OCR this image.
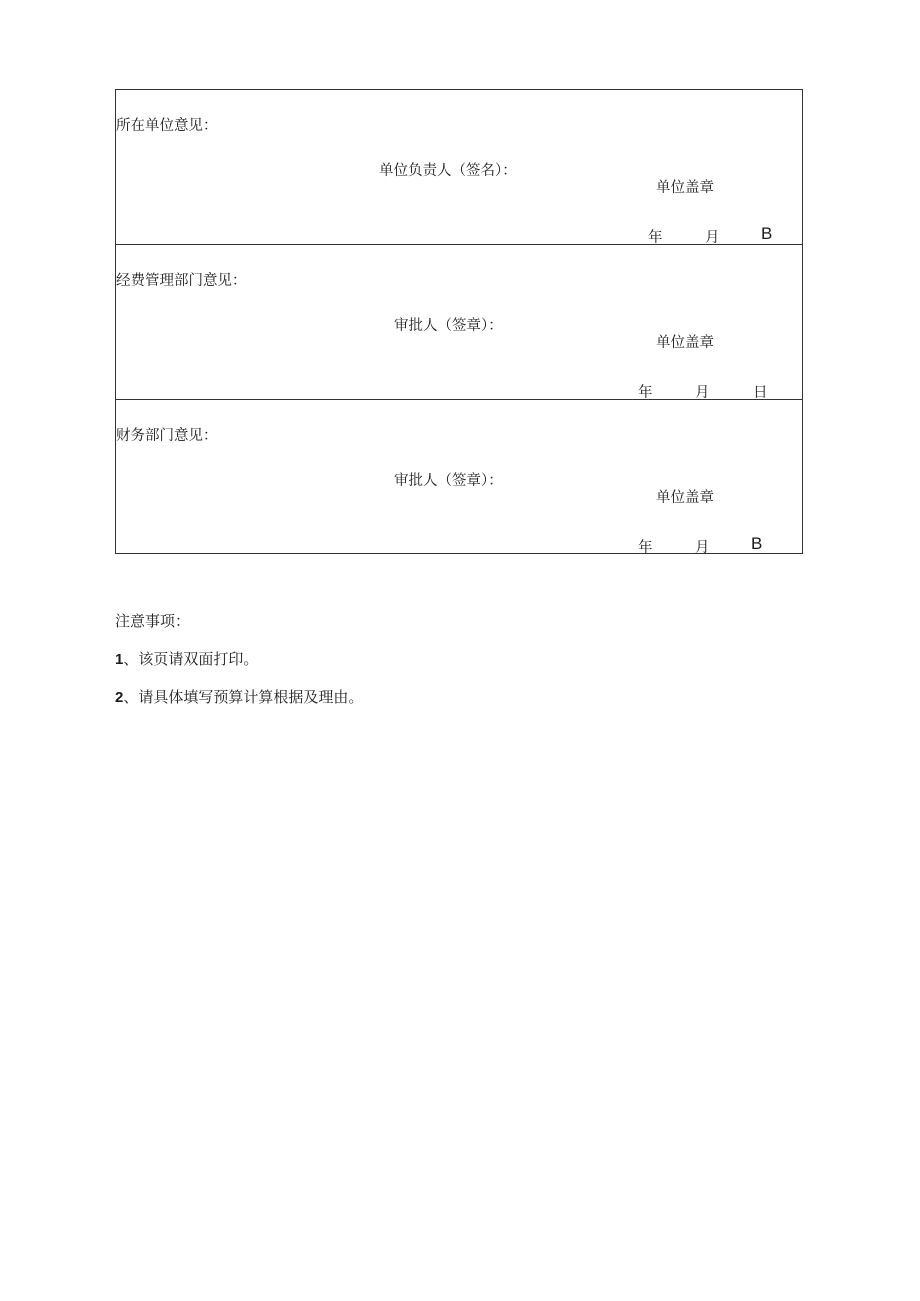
所在单位意见：
单位负责人（签名）：
单位盖章
年	月 B
经费管理部门意见：
审批人（签章）：
单位盖章
年	月	日
财务部门意见：
审批人（签章）：
单位盖章
年	月 B
注意事项：
1、该页请双面打印。
2、请具体填写预算计算根据及理由。
